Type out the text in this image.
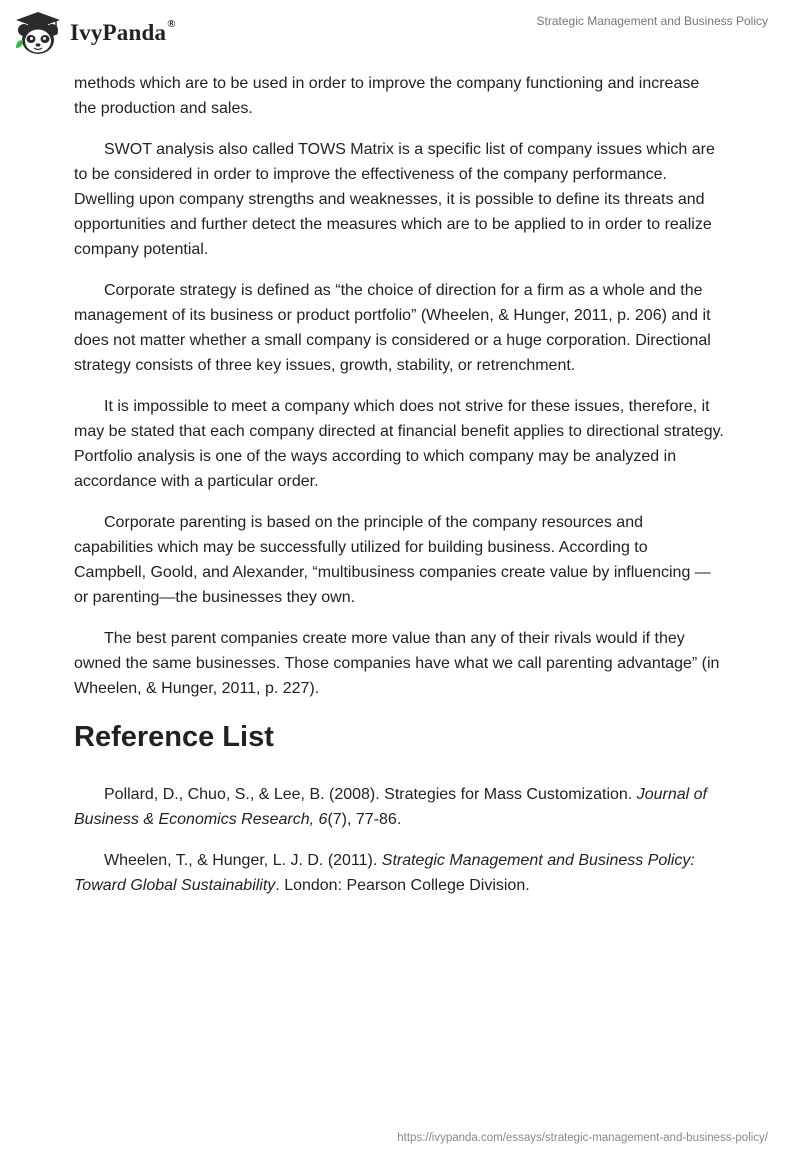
IvyPanda®	Strategic Management and Business Policy

methods which are to be used in order to improve the company functioning and increase the production and sales.

SWOT analysis also called TOWS Matrix is a specific list of company issues which are to be considered in order to improve the effectiveness of the company performance. Dwelling upon company strengths and weaknesses, it is possible to define its threats and opportunities and further detect the measures which are to be applied to in order to realize company potential.

Corporate strategy is defined as “the choice of direction for a firm as a whole and the management of its business or product portfolio” (Wheelen, & Hunger, 2011, p. 206) and it does not matter whether a small company is considered or a huge corporation. Directional strategy consists of three key issues, growth, stability, or retrenchment.

It is impossible to meet a company which does not strive for these issues, therefore, it may be stated that each company directed at financial benefit applies to directional strategy. Portfolio analysis is one of the ways according to which company may be analyzed in accordance with a particular order.

Corporate parenting is based on the principle of the company resources and capabilities which may be successfully utilized for building business. According to Campbell, Goold, and Alexander, “multibusiness companies create value by influencing — or parenting—the businesses they own.

The best parent companies create more value than any of their rivals would if they owned the same businesses. Those companies have what we call parenting advantage” (in Wheelen, & Hunger, 2011, p. 227).

Reference List

Pollard, D., Chuo, S., & Lee, B. (2008). Strategies for Mass Customization. Journal of Business & Economics Research, 6(7), 77-86.

Wheelen, T., & Hunger, L. J. D. (2011). Strategic Management and Business Policy: Toward Global Sustainability. London: Pearson College Division.

https://ivypanda.com/essays/strategic-management-and-business-policy/
